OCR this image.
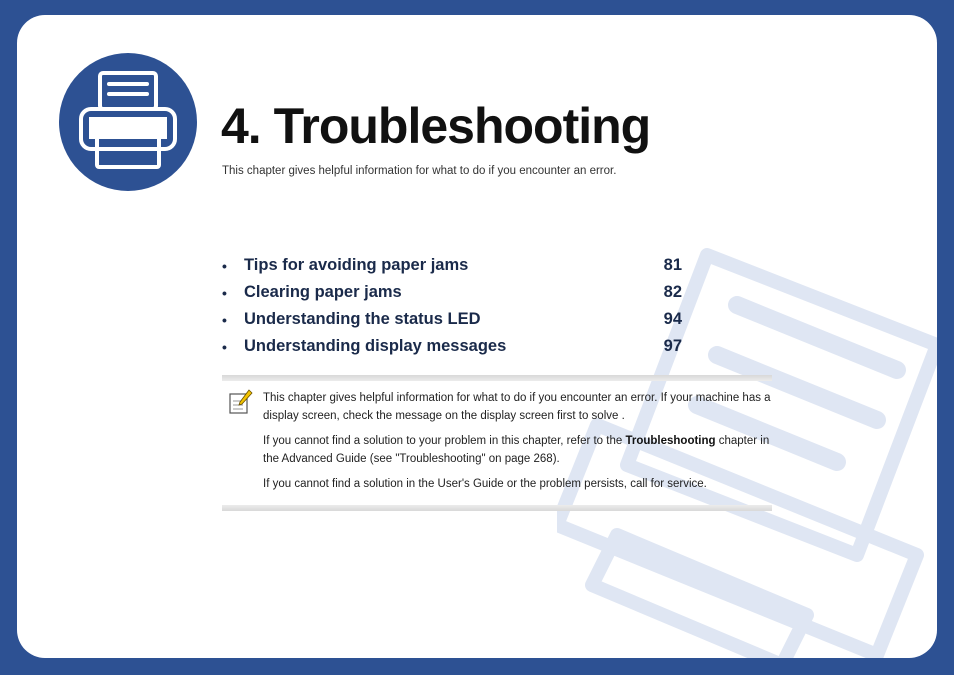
4. Troubleshooting

This chapter gives helpful information for what to do if you encounter an error.

•	Tips for avoiding paper jams	81
•	Clearing paper jams	82
•	Understanding the status LED	94
•	Understanding display messages	97

This chapter gives helpful information for what to do if you encounter an error. If your machine has a display screen, check the message on the display screen first to solve .

If you cannot find a solution to your problem in this chapter, refer to the Troubleshooting chapter in the Advanced Guide (see "Troubleshooting" on page 268).

If you cannot find a solution in the User's Guide or the problem persists, call for service.
